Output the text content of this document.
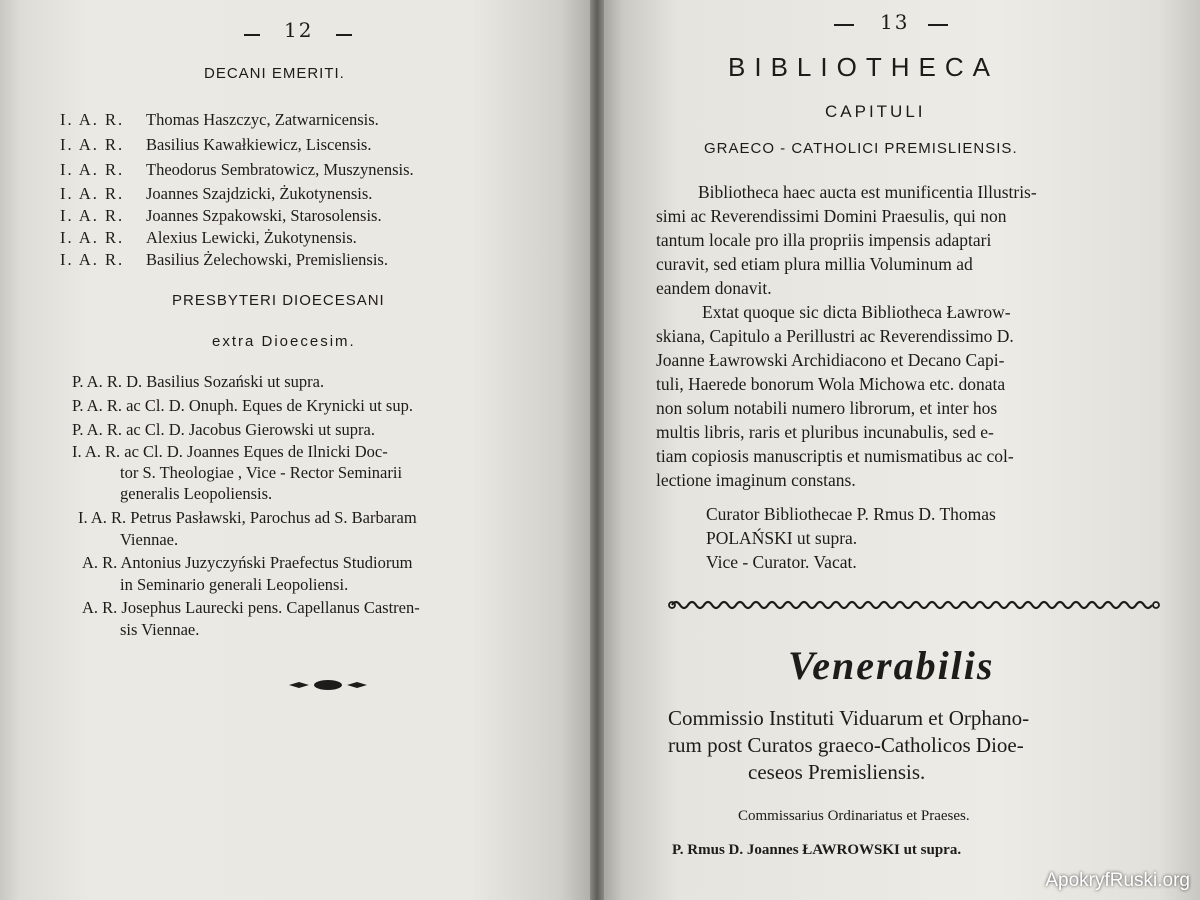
12
DECANI EMERITI.
I. A. R. Thomas Haszczyc, Zatwarnicensis.
I. A. R. Basilius Kawałkiewicz, Liscensis.
I. A. R. Theodorus Sembratowicz, Muszynensis.
I. A. R. Joannes Szajdzicki, Żukotynensis.
I. A. R. Joannes Szpakowski, Starosolensis.
I. A. R. Alexius Lewicki, Żukotynensis.
I. A. R. Basilius Żelechowski, Premisliensis.
PRESBYTERI DIOECESANI
extra Dioecesim.
P. A. R. D. Basilius Sozański ut supra.
P. A. R. ac Cl. D. Onuph. Eques de Krynicki ut sup.
P. A. R. ac Cl. D. Jacobus Gierowski ut supra.
I. A. R. ac Cl. D. Joannes Eques de Ilnicki Doc-
tor S. Theologiae , Vice - Rector Seminarii
generalis Leopoliensis.
I. A. R. Petrus Pasławski, Parochus ad S. Barbaram
Viennae.
A. R. Antonius Juzyczyński Praefectus Studiorum
in Seminario generali Leopoliensi.
A. R. Josephus Laurecki pens. Capellanus Castren-
sis Viennae.
13
BIBLIOTHECA
CAPITULI
GRAECO - CATHOLICI PREMISLIENSIS.
Bibliotheca haec aucta est munificentia Illustris-
simi ac Reverendissimi Domini Praesulis, qui non
tantum locale pro illa propriis impensis adaptari
curavit, sed etiam plura millia Voluminum ad
eandem donavit.
Extat quoque sic dicta Bibliotheca Ławrow-
skiana, Capitulo a Perillustri ac Reverendissimo D.
Joanne Ławrowski Archidiacono et Decano Capi-
tuli, Haerede bonorum Wola Michowa etc. donata
non solum notabili numero librorum, et inter hos
multis libris, raris et pluribus incunabulis, sed e-
tiam copiosis manuscriptis et numismatibus ac col-
lectione imaginum constans.
Curator Bibliothecae P. Rmus D. Thomas
POLAŃSKI ut supra.
Vice - Curator. Vacat.
Venerabilis
Commissio Instituti Viduarum et Orphano-
rum post Curatos graeco-Catholicos Dioe-
ceseos Premisliensis.
Commissarius Ordinariatus et Praeses.
P. Rmus D. Joannes ŁAWROWSKI ut supra.
ApokryfRuski.org
